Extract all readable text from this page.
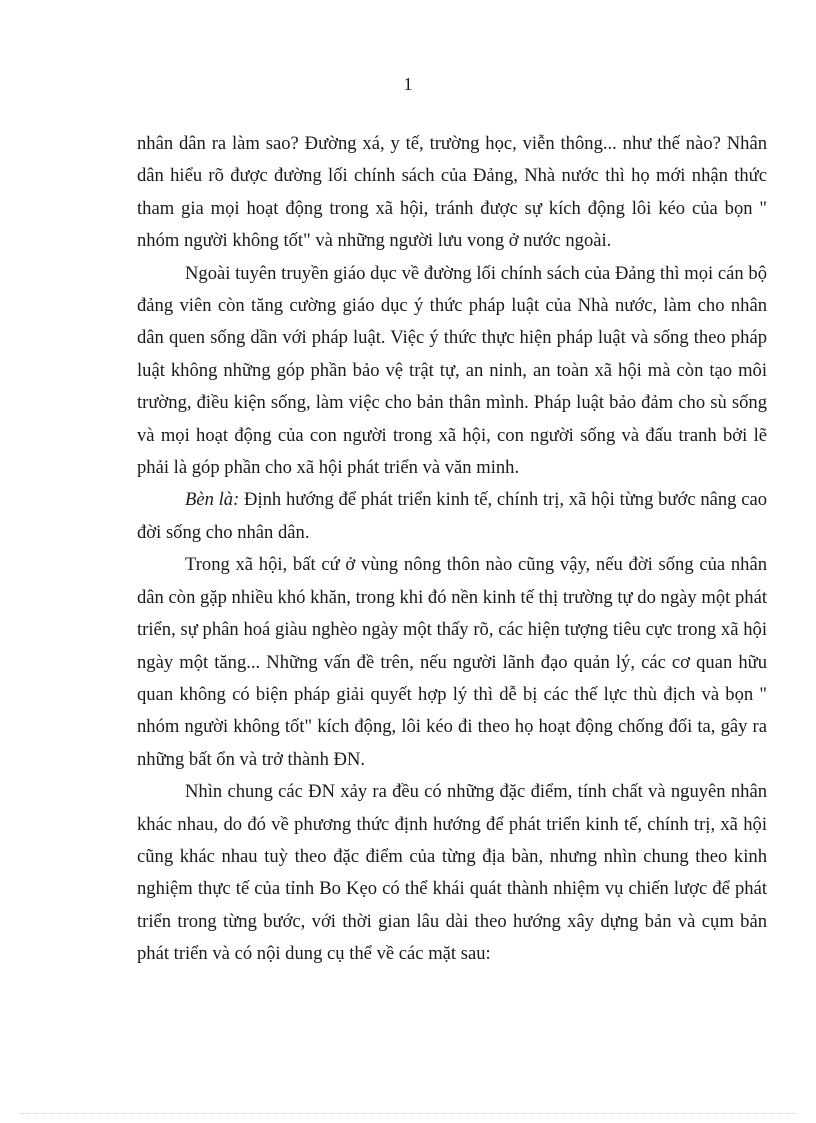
1

nhân dân ra làm sao? Đường xá, y tế, trường học, viễn thông... như thế nào? Nhân dân hiểu rõ được đường lối chính sách của Đảng, Nhà nước thì họ mới nhận thức tham gia mọi hoạt động trong xã hội, tránh được sự kích động lôi kéo của bọn " nhóm người không tốt" và những người lưu vong ở nước ngoài.

Ngoài tuyên truyền giáo dục về đường lối chính sách của Đảng thì mọi cán bộ đảng viên còn tăng cường giáo dục ý thức pháp luật của Nhà nước, làm cho nhân dân quen sống dần với pháp luật. Việc ý thức thực hiện pháp luật và sống theo pháp luật không những góp phần bảo vệ trật tự, an ninh, an toàn xã hội mà còn tạo môi trường, điều kiện sống, làm việc cho bản thân mình. Pháp luật bảo đảm cho sù sống và mọi hoạt động của con người trong xã hội, con người sống và đấu tranh bởi lẽ phải là góp phần cho xã hội phát triển và văn minh.

Bèn là: Định hướng để phát triển kinh tế, chính trị, xã hội từng bước nâng cao đời sống cho nhân dân.

Trong xã hội, bất cứ ở vùng nông thôn nào cũng vậy, nếu đời sống của nhân dân còn gặp nhiều khó khăn, trong khi đó nền kinh tế thị trường tự do ngày một phát triển, sự phân hoá giàu nghèo ngày một thấy rõ, các hiện tượng tiêu cực trong xã hội ngày một tăng... Những vấn đề trên, nếu người lãnh đạo quản lý, các cơ quan hữu quan không có biện pháp giải quyết hợp lý thì dễ bị các thế lực thù địch và bọn " nhóm người không tốt" kích động, lôi kéo đi theo họ hoạt động chống đối ta, gây ra những bất ổn và trở thành ĐN.

Nhìn chung các ĐN xảy ra đều có những đặc điểm, tính chất và nguyên nhân khác nhau, do đó về phương thức định hướng để phát triển kinh tế, chính trị, xã hội cũng khác nhau tuỳ theo đặc điểm của từng địa bàn, nhưng nhìn chung theo kinh nghiệm thực tế của tỉnh Bo Kẹo có thể khái quát thành nhiệm vụ chiến lược để phát triển trong từng bước, với thời gian lâu dài theo hướng xây dựng bản và cụm bản phát triển và có nội dung cụ thể về các mặt sau:
